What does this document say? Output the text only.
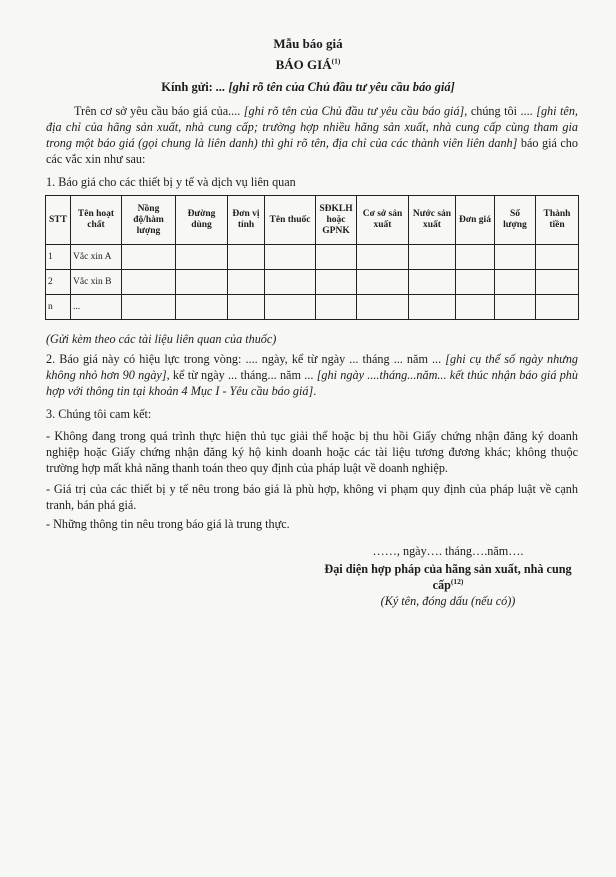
Mẫu báo giá
BÁO GIÁ$^{(1)}$
Kính gửi: ... [ghi rõ tên của Chủ đầu tư yêu cầu báo giá]
Trên cơ sở yêu cầu báo giá của.... [ghi rõ tên của Chủ đầu tư yêu cầu báo giá], chúng tôi .... [ghi tên, địa chỉ của hãng sản xuất, nhà cung cấp; trường hợp nhiều hãng sản xuất, nhà cung cấp cùng tham gia trong một báo giá (gọi chung là liên danh) thì ghi rõ tên, địa chỉ của các thành viên liên danh] báo giá cho các vắc xin như sau:
1. Báo giá cho các thiết bị y tế và dịch vụ liên quan
STT	Tên hoạt chất	Nồng độ/hàm lượng	Đường dùng	Đơn vị tính	Tên thuốc	SĐKLH hoặc GPNK	Cơ sở sản xuất	Nước sản xuất	Đơn giá	Số lượng	Thành tiền
1	Vắc xin A										
2	Vắc xin B										
n	...										
(Gửi kèm theo các tài liệu liên quan của thuốc)
2. Báo giá này có hiệu lực trong vòng: .... ngày, kể từ ngày ... tháng ... năm ... [ghi cụ thể số ngày nhưng không nhỏ hơn 90 ngày], kể từ ngày ... tháng... năm ... [ghi ngày ....tháng...năm... kết thúc nhận báo giá phù hợp với thông tin tại khoản 4 Mục I - Yêu cầu báo giá].
3. Chúng tôi cam kết:
- Không đang trong quá trình thực hiện thủ tục giải thể hoặc bị thu hồi Giấy chứng nhận đăng ký doanh nghiệp hoặc Giấy chứng nhận đăng ký hộ kinh doanh hoặc các tài liệu tương đương khác; không thuộc trường hợp mất khả năng thanh toán theo quy định của pháp luật về doanh nghiệp.
- Giá trị của các thiết bị y tế nêu trong báo giá là phù hợp, không vi phạm quy định của pháp luật về cạnh tranh, bán phá giá.
- Những thông tin nêu trong báo giá là trung thực.
……, ngày…. tháng….năm….
Đại diện hợp pháp của hãng sản xuất, nhà cung cấp$^{(12)}$
(Ký tên, đóng dấu (nếu có))
